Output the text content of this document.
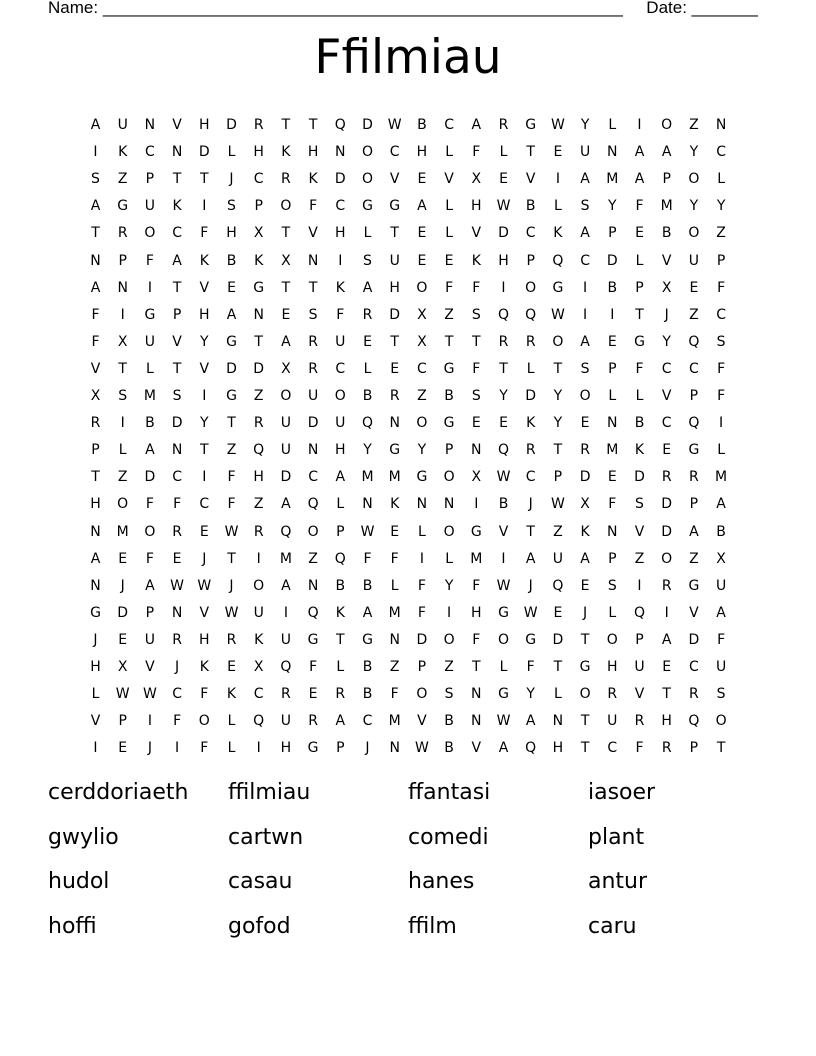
Name: _______________________________________________________ Date: _______
Ffilmiau
A	U	N	V	H	D	R	T	T	Q	D	W	B	C	A	R	G	W	Y	L	I	O	Z	N
I	K	C	N	D	L	H	K	H	N	O	C	H	L	F	L	T	E	U	N	A	A	Y	C
S	Z	P	T	T	J	C	R	K	D	O	V	E	V	X	E	V	I	A	M	A	P	O	L
A	G	U	K	I	S	P	O	F	C	G	G	A	L	H	W	B	L	S	Y	F	M	Y	Y
T	R	O	C	F	H	X	T	V	H	L	T	E	L	V	D	C	K	A	P	E	B	O	Z
N	P	F	A	K	B	K	X	N	I	S	U	E	E	K	H	P	Q	C	D	L	V	U	P
A	N	I	T	V	E	G	T	T	K	A	H	O	F	F	I	O	G	I	B	P	X	E	F
F	I	G	P	H	A	N	E	S	F	R	D	X	Z	S	Q	Q	W	I	I	T	J	Z	C
F	X	U	V	Y	G	T	A	R	U	E	T	X	T	T	R	R	O	A	E	G	Y	Q	S
V	T	L	T	V	D	D	X	R	C	L	E	C	G	F	T	L	T	S	P	F	C	C	F
X	S	M	S	I	G	Z	O	U	O	B	R	Z	B	S	Y	D	Y	O	L	L	V	P	F
R	I	B	D	Y	T	R	U	D	U	Q	N	O	G	E	E	K	Y	E	N	B	C	Q	I
P	L	A	N	T	Z	Q	U	N	H	Y	G	Y	P	N	Q	R	T	R	M	K	E	G	L
T	Z	D	C	I	F	H	D	C	A	M M	G	O	X	W	C	P	D	E	D	R	R	M
H	O	F	F	C	F	Z	A	Q	L	N	K	N	N	I	B	J	W	X	F	S	D	P	A
N	M	O	R	E	W	R	Q	O	P	W	E	L	O	G	V	T	Z	K	N	V	D	A	B
A	E	F	E	J	T	I	M	Z	Q	F	F	I	L	M	I	A	U	A	P	Z	O	Z	X
N	J	A	W W	J	O	A	N	B	B	L	F	Y	F	W	J	Q	E	S	I	R	G	U
G	D	P	N	V	W	U	I	Q	K	A	M	F	I	H	G	W	E	J	L	Q	I	V	A
J	E	U	R	H	R	K	U	G	T	G	N	D	O	F	O	G	D	T	O	P	A	D	F
H	X	V	J	K	E	X	Q	F	L	B	Z	P	Z	T	L	F	T	G	H	U	E	C	U
L	W W	C	F	K	C	R	E	R	B	F	O	S	N	G	Y	L	O	R	V	T	R	S
V	P	I	F	O	L	Q	U	R	A	C	M	V	B	N	W	A	N	T	U	R	H	Q	O
I	E	J	I	F	L	I	H	G	P	J	N	W	B	V	A	Q	H	T	C	F	R	P	T
cerddoriaeth ffilmiau	ffantasi	iasoer
gwylio	cartwn	comedi	plant
hudol	casau	hanes	antur
hoffi	gofod	ffilm	caru
